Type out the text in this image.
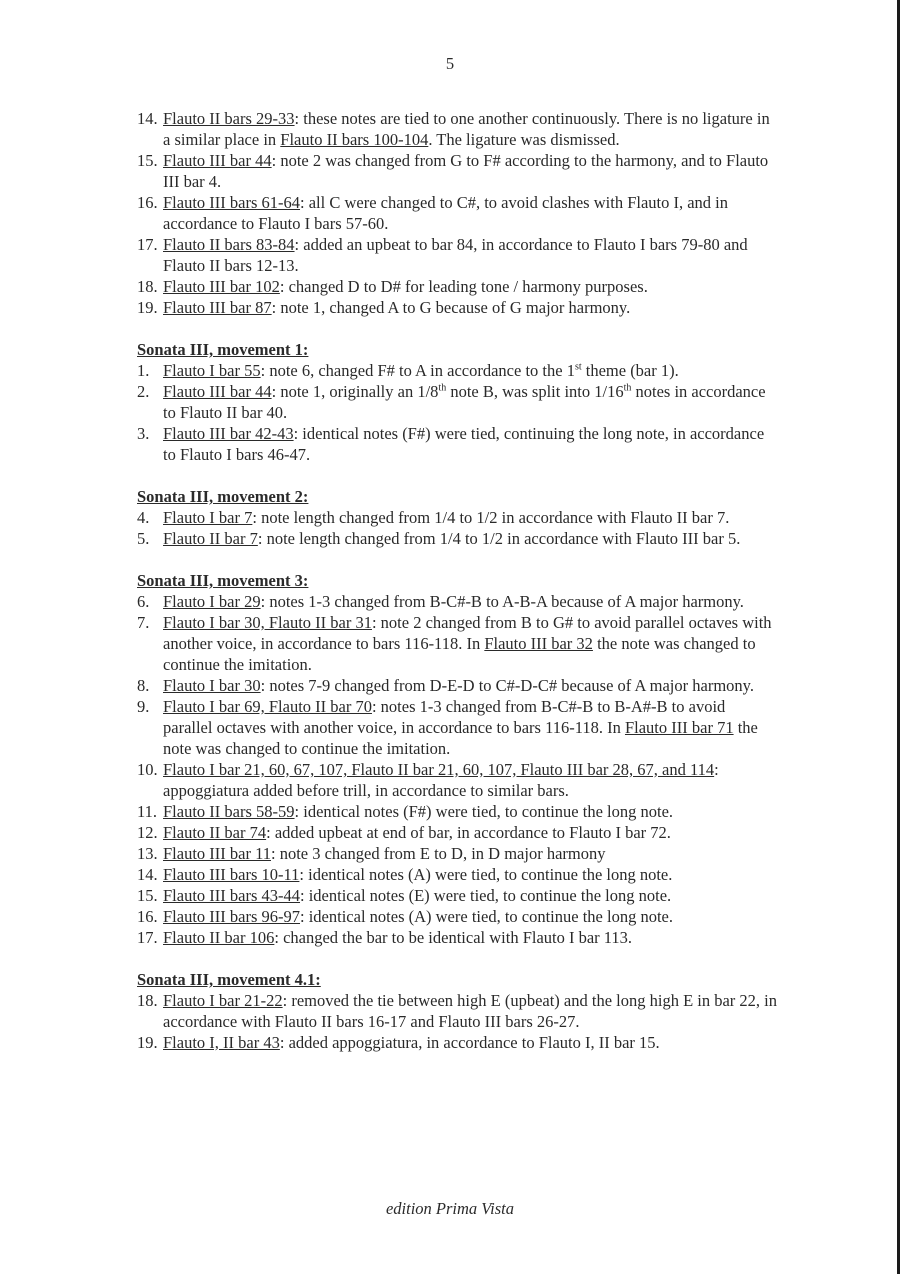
5
14. Flauto II bars 29-33: these notes are tied to one another continuously. There is no ligature in a similar place in Flauto II bars 100-104. The ligature was dismissed.
15. Flauto III bar 44: note 2 was changed from G to F# according to the harmony, and to Flauto III bar 4.
16. Flauto III bars 61-64: all C were changed to C#, to avoid clashes with Flauto I, and in accordance to Flauto I bars 57-60.
17. Flauto II bars 83-84: added an upbeat to bar 84, in accordance to Flauto I bars 79-80 and Flauto II bars 12-13.
18. Flauto III bar 102: changed D to D# for leading tone / harmony purposes.
19. Flauto III bar 87: note 1, changed A to G because of G major harmony.
Sonata III, movement 1:
1. Flauto I bar 55: note 6, changed F# to A in accordance to the 1st theme (bar 1).
2. Flauto III bar 44: note 1, originally an 1/8th note B, was split into 1/16th notes in accordance to Flauto II bar 40.
3. Flauto III bar 42-43: identical notes (F#) were tied, continuing the long note, in accordance to Flauto I bars 46-47.
Sonata III, movement 2:
4. Flauto I bar 7: note length changed from 1/4 to 1/2 in accordance with Flauto II bar 7.
5. Flauto II bar 7: note length changed from 1/4 to 1/2 in accordance with Flauto III bar 5.
Sonata III, movement 3:
6. Flauto I bar 29: notes 1-3 changed from B-C#-B to A-B-A because of A major harmony.
7. Flauto I bar 30, Flauto II bar 31: note 2 changed from B to G# to avoid parallel octaves with another voice, in accordance to bars 116-118. In Flauto III bar 32 the note was changed to continue the imitation.
8. Flauto I bar 30: notes 7-9 changed from D-E-D to C#-D-C# because of A major harmony.
9. Flauto I bar 69, Flauto II bar 70: notes 1-3 changed from B-C#-B to B-A#-B to avoid parallel octaves with another voice, in accordance to bars 116-118. In Flauto III bar 71 the note was changed to continue the imitation.
10. Flauto I bar 21, 60, 67, 107, Flauto II bar 21, 60, 107, Flauto III bar 28, 67, and 114: appoggiatura added before trill, in accordance to similar bars.
11. Flauto II bars 58-59: identical notes (F#) were tied, to continue the long note.
12. Flauto II bar 74: added upbeat at end of bar, in accordance to Flauto I bar 72.
13. Flauto III bar 11: note 3 changed from E to D, in D major harmony
14. Flauto III bars 10-11: identical notes (A) were tied, to continue the long note.
15. Flauto III bars 43-44: identical notes (E) were tied, to continue the long note.
16. Flauto III bars 96-97: identical notes (A) were tied, to continue the long note.
17. Flauto II bar 106: changed the bar to be identical with Flauto I bar 113.
Sonata III, movement 4.1:
18. Flauto I bar 21-22: removed the tie between high E (upbeat) and the long high E in bar 22, in accordance with Flauto II bars 16-17 and Flauto III bars 26-27.
19. Flauto I, II bar 43: added appoggiatura, in accordance to Flauto I, II bar 15.
edition Prima Vista
